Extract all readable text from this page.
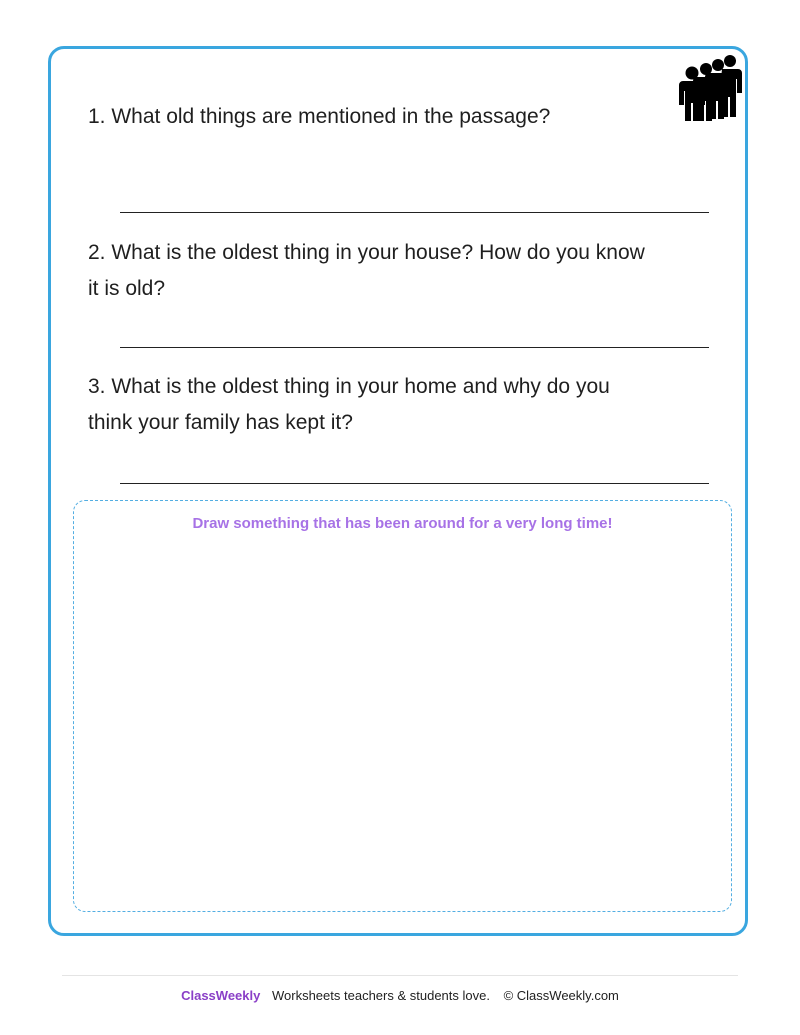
1. What old things are mentioned in the passage?

2. What is the oldest thing in your house? How do you know
it is old?

3. What is the oldest thing in your home and why do you
think your family has kept it?

Draw something that has been around for a very long time!
ClassWeekly Worksheets teachers & students love. © ClassWeekly.com
